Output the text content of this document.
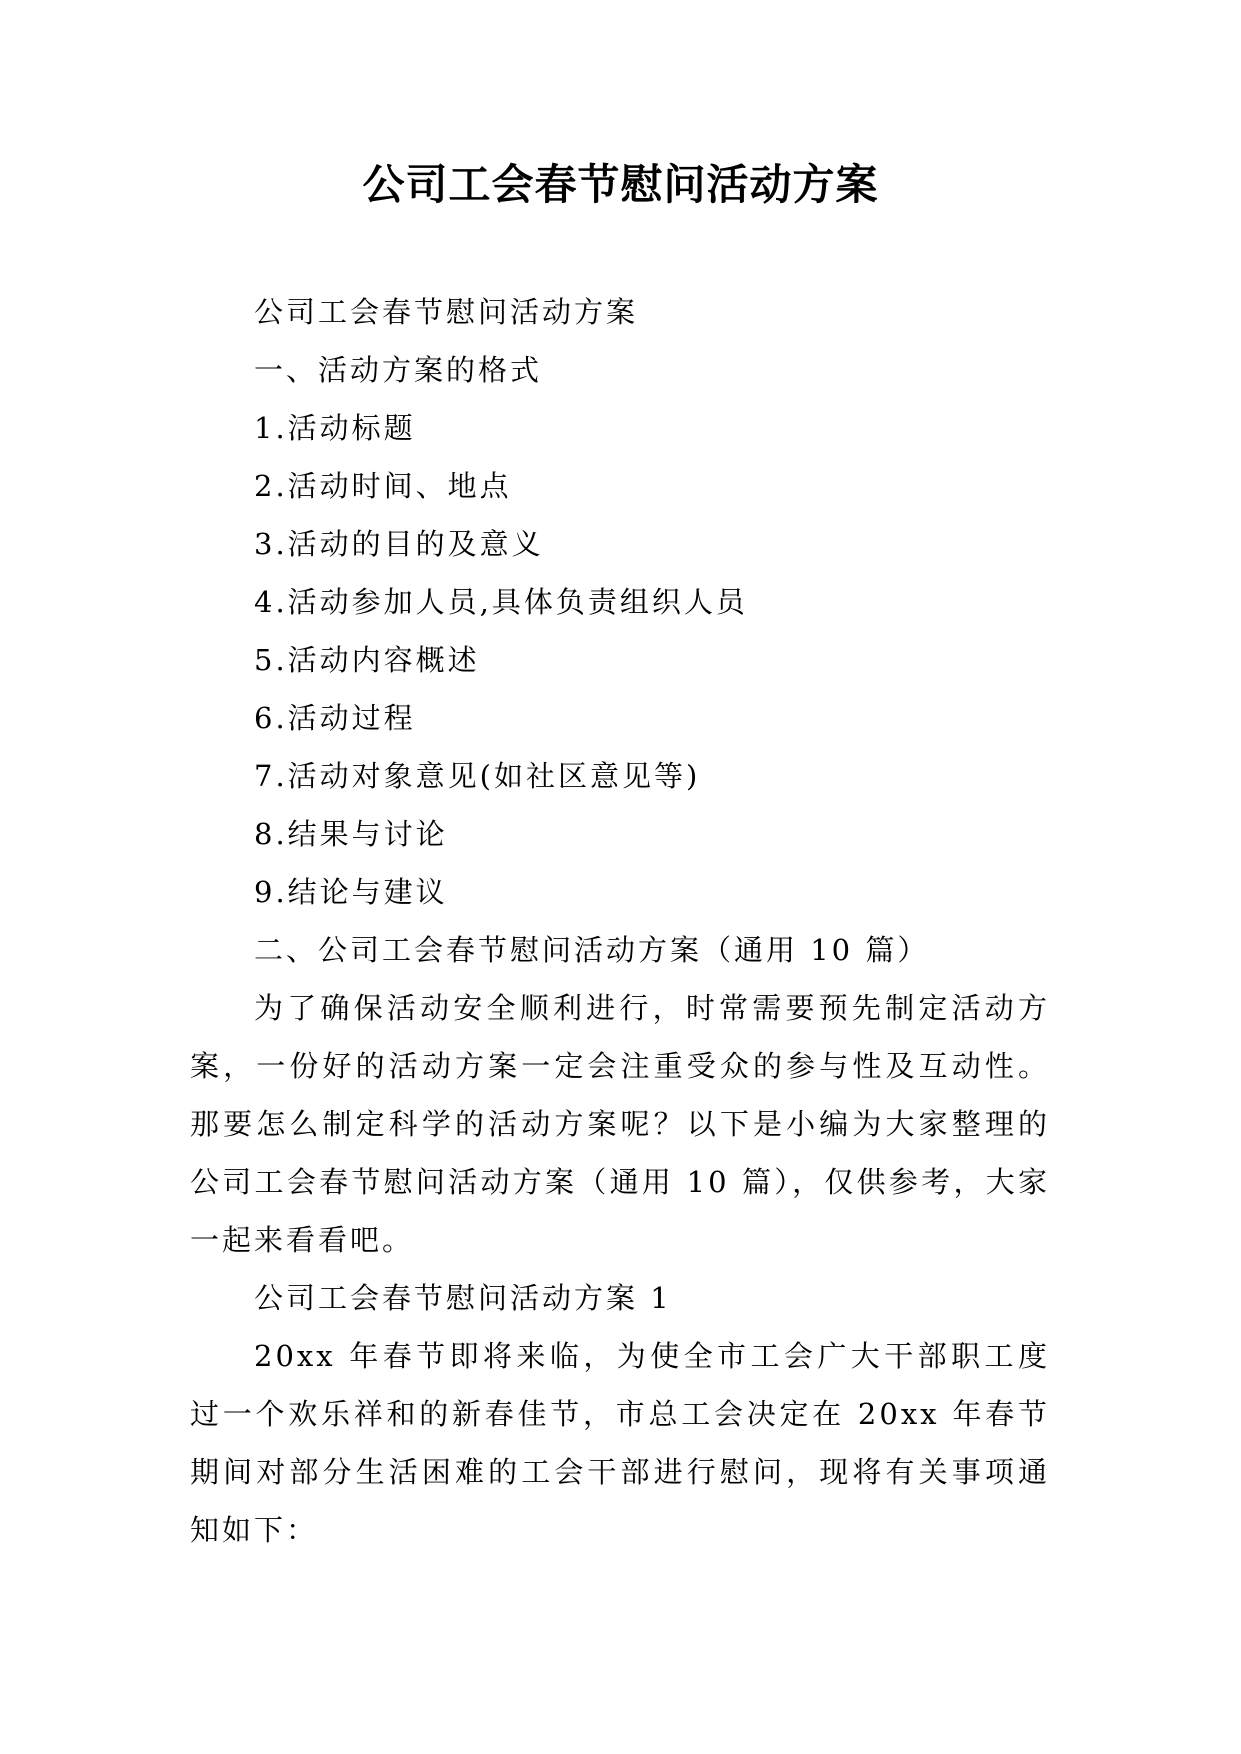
公司工会春节慰问活动方案
公司工会春节慰问活动方案
一、活动方案的格式
1.活动标题
2.活动时间、地点
3.活动的目的及意义
4.活动参加人员,具体负责组织人员
5.活动内容概述
6.活动过程
7.活动对象意见(如社区意见等)
8.结果与讨论
9.结论与建议
二、公司工会春节慰问活动方案（通用 10 篇）

为了确保活动安全顺利进行，时常需要预先制定活动方案，一份好的活动方案一定会注重受众的参与性及互动性。那要怎么制定科学的活动方案呢？以下是小编为大家整理的公司工会春节慰问活动方案（通用 10 篇），仅供参考，大家一起来看看吧。

公司工会春节慰问活动方案 1

20xx 年春节即将来临，为使全市工会广大干部职工度过一个欢乐祥和的新春佳节，市总工会决定在 20xx 年春节期间对部分生活困难的工会干部进行慰问，现将有关事项通知如下：
